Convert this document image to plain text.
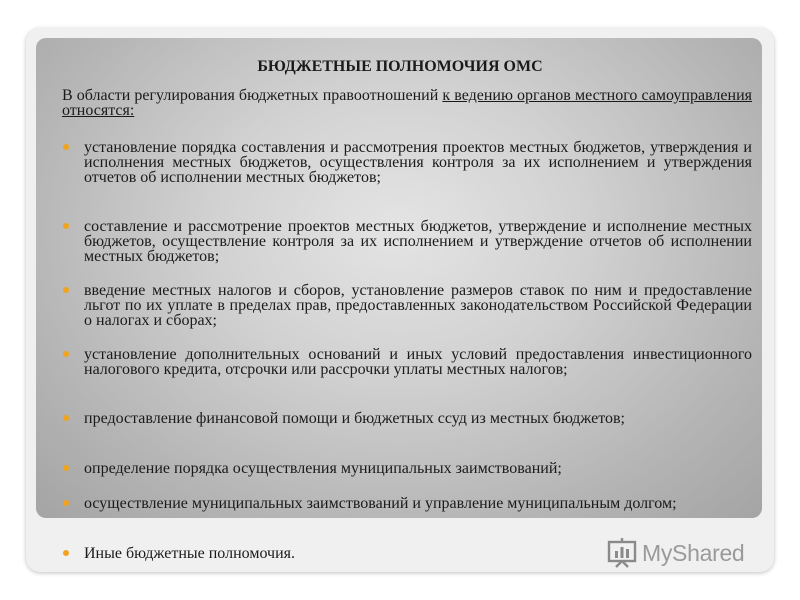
БЮДЖЕТНЫЕ ПОЛНОМОЧИЯ ОМС

В области регулирования бюджетных правоотношений к ведению органов местного самоуправления относятся:

установление порядка составления и рассмотрения проектов местных бюджетов, утверждения и исполнения местных бюджетов, осуществления контроля за их исполнением и утверждения отчетов об исполнении местных бюджетов;

составление и рассмотрение проектов местных бюджетов, утверждение и исполнение местных бюджетов, осуществление контроля за их исполнением и утверждение отчетов об исполнении местных бюджетов;

введение местных налогов и сборов, установление размеров ставок по ним и предоставление льгот по их уплате в пределах прав, предоставленных законодательством Российской Федерации о налогах и сборах;

установление дополнительных оснований и иных условий предоставления инвестиционного налогового кредита, отсрочки или рассрочки уплаты местных налогов;

предоставление финансовой помощи и бюджетных ссуд из местных бюджетов;

определение порядка осуществления муниципальных заимствований;

осуществление муниципальных заимствований и управление муниципальным долгом;

Иные бюджетные полномочия.	MyShared
